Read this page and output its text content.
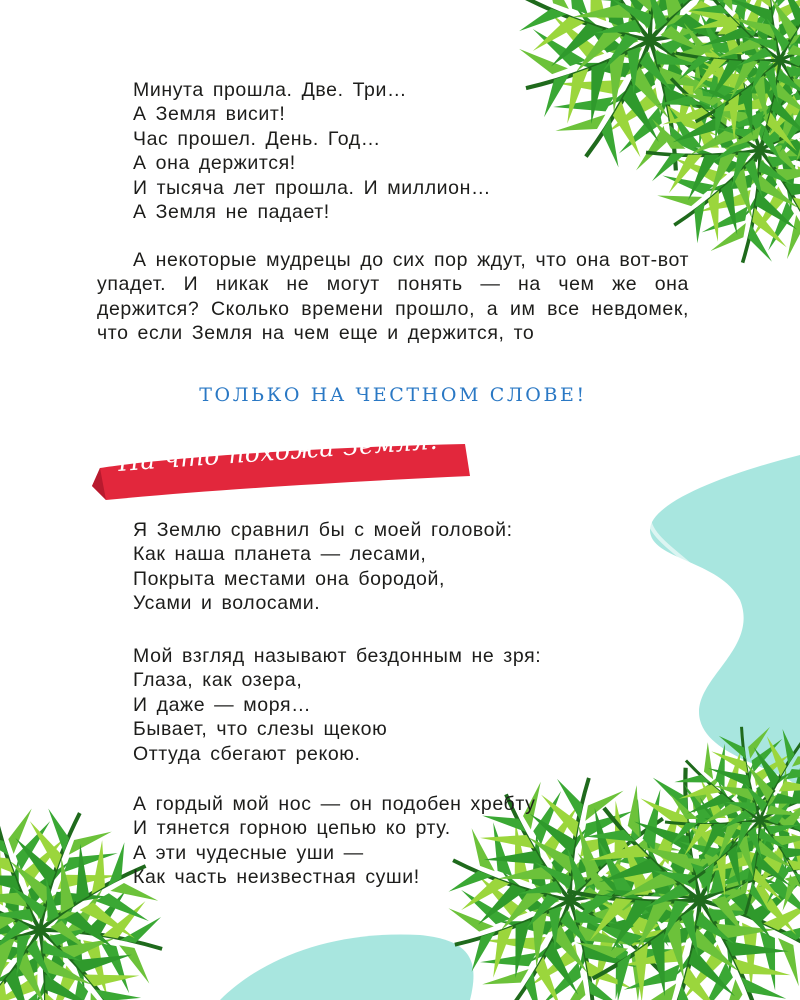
Минута прошла. Две. Три…
А Земля висит!
Час прошел. День. Год…
А она держится!
И тысяча лет прошла. И миллион…
А Земля не падает!

А некоторые мудрецы до сих пор ждут, что она вот-вот упадет. И никак не могут понять — на чем же она держится? Сколько времени прошло, а им все невдомек, что если Земля на чем еще и держится, то

ТОЛЬКО НА ЧЕСТНОМ СЛОВЕ!

На что похожа Земля?
Я Землю сравнил бы с моей головой:
Как наша планета — лесами,
Покрыта местами она бородой,
Усами и волосами.
Мой взгляд называют бездонным не зря:
Глаза, как озера,
И даже — моря…
Бывает, что слезы щекою
Оттуда сбегают рекою.
А гордый мой нос — он подобен хребту
И тянется горною цепью ко рту.
А эти чудесные уши —
Как часть неизвестная суши!
